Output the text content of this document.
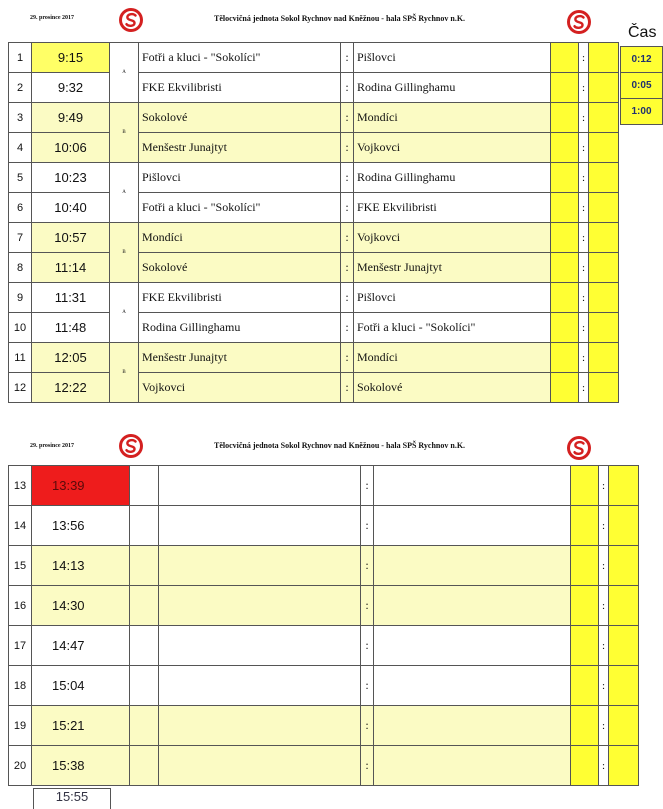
29. prosince 2017	Tělocvičná jednota Sokol Rychnov nad Kněžnou - hala SPŠ Rychnov n.K.
Čas
0:12
0:05
1:00
1	9:15	A	Fotři a kluci - "Sokolíci"	:	Pišlovci		:	
2	9:32		FKE Ekvilibristi	:	Rodina Gillinghamu		:	
3	9:49	B	Sokolové	:	Mondíci		:	
4	10:06		Menšestr Junajtyt	:	Vojkovci		:	
5	10:23	A	Pišlovci	:	Rodina Gillinghamu		:	
6	10:40		Fotři a kluci - "Sokolíci"	:	FKE Ekvilibristi		:	
7	10:57	B	Mondíci	:	Vojkovci		:	
8	11:14		Sokolové	:	Menšestr Junajtyt		:	
9	11:31	A	FKE Ekvilibristi	:	Pišlovci		:	
10	11:48		Rodina Gillinghamu	:	Fotři a kluci - "Sokolíci"		:	
11	12:05	B	Menšestr Junajtyt	:	Mondíci		:	
12	12:22		Vojkovci	:	Sokolové		:	
29. prosince 2017	Tělocvičná jednota Sokol Rychnov nad Kněžnou - hala SPŠ Rychnov n.K.
13	13:39			:			:	
14	13:56			:			:	
15	14:13			:			:	
16	14:30			:			:	
17	14:47			:			:	
18	15:04			:			:	
19	15:21			:			:	
20	15:38			:			:	
15:55
